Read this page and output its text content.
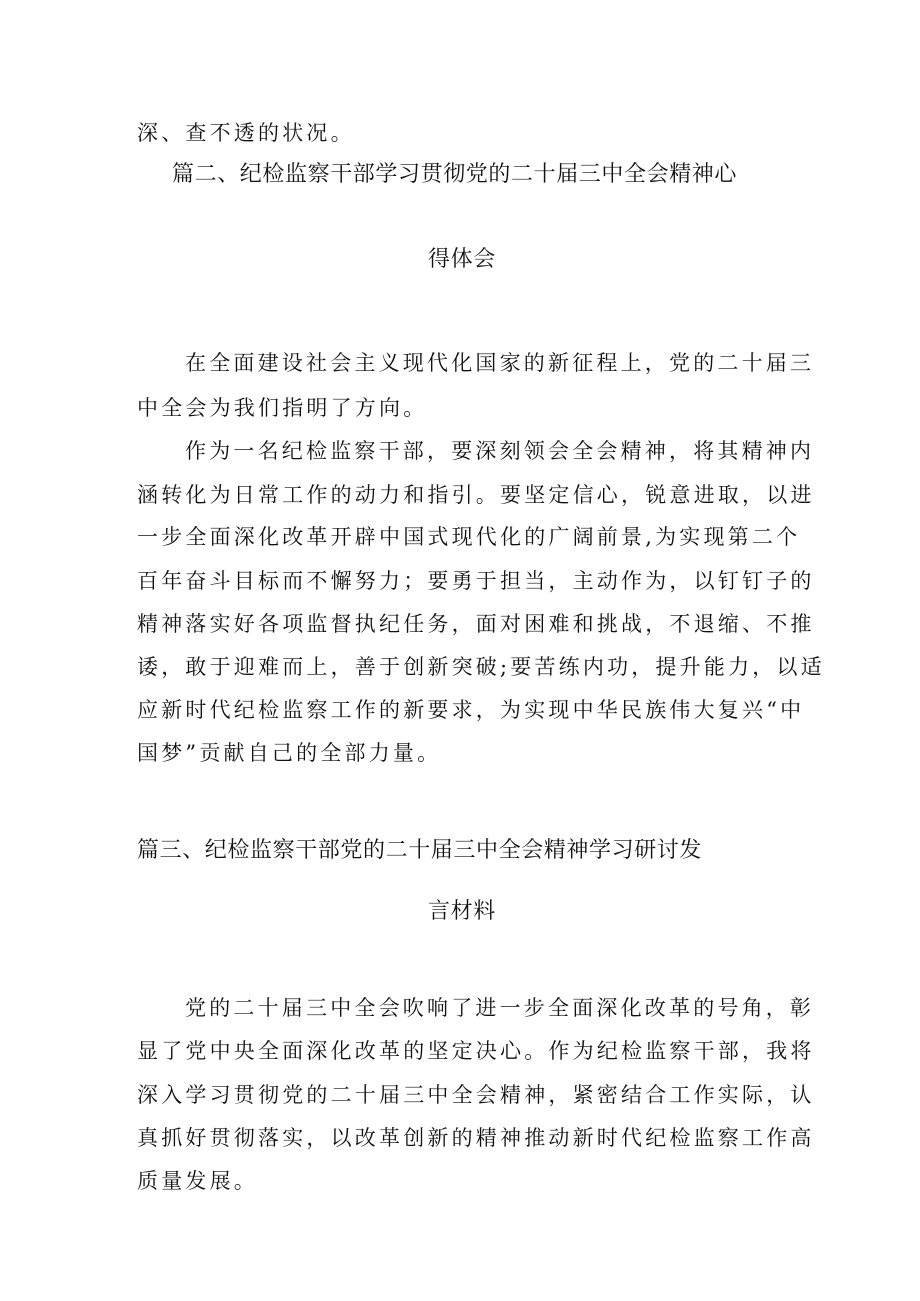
深、查不透的状况。
篇二、纪检监察干部学习贯彻党的二十届三中全会精神心
得体会
在全面建设社会主义现代化国家的新征程上，党的二十届三
中全会为我们指明了方向。
作为一名纪检监察干部，要深刻领会全会精神，将其精神内
涵转化为日常工作的动力和指引。要坚定信心，锐意进取，以进
一步全面深化改革开辟中国式现代化的广阔前景,为实现第二个
百年奋斗目标而不懈努力；要勇于担当，主动作为，以钉钉子的
精神落实好各项监督执纪任务，面对困难和挑战，不退缩、不推
诿，敢于迎难而上，善于创新突破;要苦练内功，提升能力，以适
应新时代纪检监察工作的新要求，为实现中华民族伟大复兴“中
国梦”贡献自己的全部力量。
篇三、纪检监察干部党的二十届三中全会精神学习研讨发
言材料
党的二十届三中全会吹响了进一步全面深化改革的号角，彰
显了党中央全面深化改革的坚定决心。作为纪检监察干部，我将
深入学习贯彻党的二十届三中全会精神，紧密结合工作实际，认
真抓好贯彻落实，以改革创新的精神推动新时代纪检监察工作高
质量发展。
